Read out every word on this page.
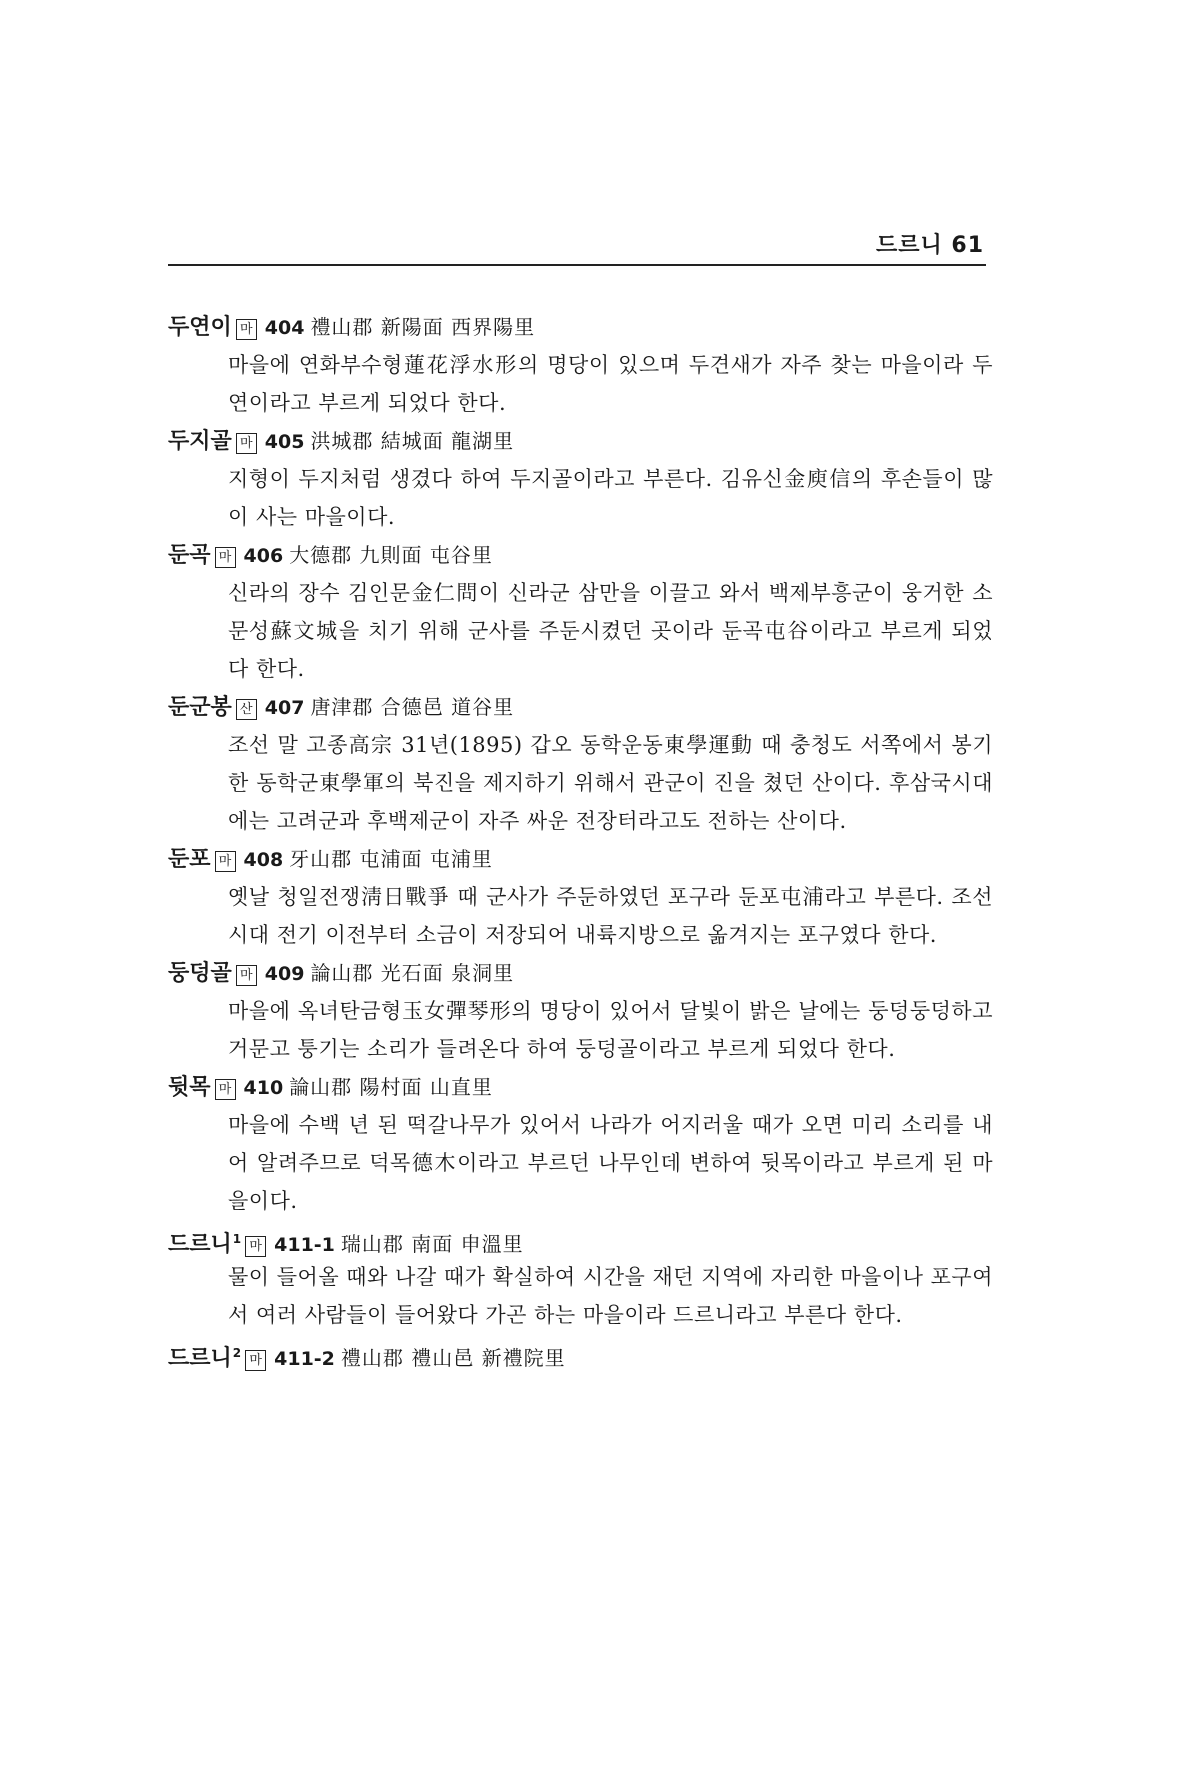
드르니 61
두연이 마 404 禮山郡 新陽面 西界陽里
마을에 연화부수형蓮花浮水形의 명당이 있으며 두견새가 자주 찾는 마을이라 두연이라고 부르게 되었다 한다.
두지골 마 405 洪城郡 結城面 龍湖里
지형이 두지처럼 생겼다 하여 두지골이라고 부른다. 김유신金庾信의 후손들이 많이 사는 마을이다.
둔곡 마 406 大德郡 九則面 屯谷里
신라의 장수 김인문金仁問이 신라군 삼만을 이끌고 와서 백제부흥군이 웅거한 소문성蘇文城을 치기 위해 군사를 주둔시켰던 곳이라 둔곡屯谷이라고 부르게 되었다 한다.
둔군봉 산 407 唐津郡 合德邑 道谷里
조선 말 고종高宗 31년(1895) 갑오 동학운동東學運動 때 충청도 서쪽에서 봉기한 동학군東學軍의 북진을 제지하기 위해서 관군이 진을 쳤던 산이다. 후삼국시대에는 고려군과 후백제군이 자주 싸운 전장터라고도 전하는 산이다.
둔포 마 408 牙山郡 屯浦面 屯浦里
옛날 청일전쟁淸日戰爭 때 군사가 주둔하였던 포구라 둔포屯浦라고 부른다. 조선시대 전기 이전부터 소금이 저장되어 내륙지방으로 옮겨지는 포구였다 한다.
둥덩골 마 409 論山郡 光石面 泉洞里
마을에 옥녀탄금형玉女彈琴形의 명당이 있어서 달빛이 밝은 날에는 둥덩둥덩하고 거문고 퉁기는 소리가 들려온다 하여 둥덩골이라고 부르게 되었다 한다.
뒷목 마 410 論山郡 陽村面 山直里
마을에 수백 년 된 떡갈나무가 있어서 나라가 어지러울 때가 오면 미리 소리를 내어 알려주므로 덕목德木이라고 부르던 나무인데 변하여 뒷목이라고 부르게 된 마을이다.
드르니$^1$ 마 411-1 瑞山郡 南面 申溫里
물이 들어올 때와 나갈 때가 확실하여 시간을 재던 지역에 자리한 마을이나 포구여서 여러 사람들이 들어왔다 가곤 하는 마을이라 드르니라고 부른다 한다.
드르니$^2$ 마 411-2 禮山郡 禮山邑 新禮院里
